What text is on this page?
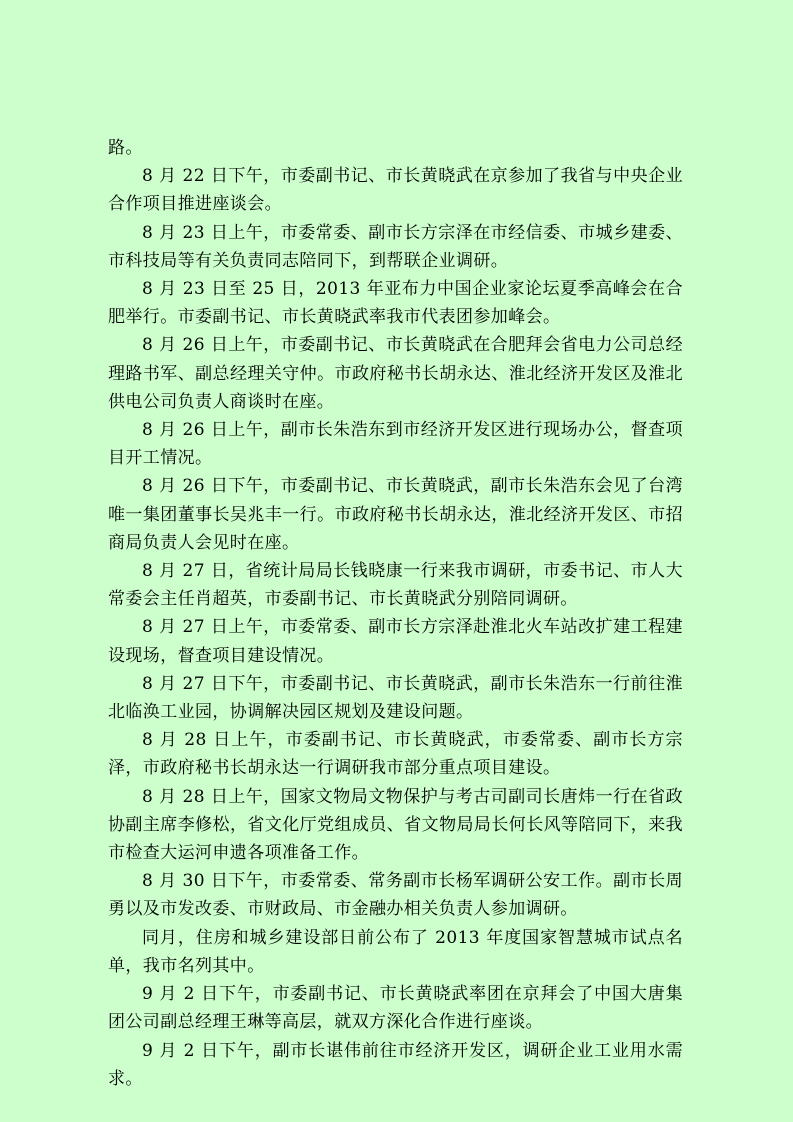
路。

8 月 22 日下午，市委副书记、市长黄晓武在京参加了我省与中央企业合作项目推进座谈会。

8 月 23 日上午，市委常委、副市长方宗泽在市经信委、市城乡建委、市科技局等有关负责同志陪同下，到帮联企业调研。

8 月 23 日至 25 日，2013 年亚布力中国企业家论坛夏季高峰会在合肥举行。市委副书记、市长黄晓武率我市代表团参加峰会。

8 月 26 日上午，市委副书记、市长黄晓武在合肥拜会省电力公司总经理路书军、副总经理关守仲。市政府秘书长胡永达、淮北经济开发区及淮北供电公司负责人商谈时在座。

8 月 26 日上午，副市长朱浩东到市经济开发区进行现场办公，督查项目开工情况。

8 月 26 日下午，市委副书记、市长黄晓武，副市长朱浩东会见了台湾唯一集团董事长吴兆丰一行。市政府秘书长胡永达，淮北经济开发区、市招商局负责人会见时在座。

8 月 27 日，省统计局局长钱晓康一行来我市调研，市委书记、市人大常委会主任肖超英，市委副书记、市长黄晓武分别陪同调研。

8 月 27 日上午，市委常委、副市长方宗泽赴淮北火车站改扩建工程建设现场，督查项目建设情况。

8 月 27 日下午，市委副书记、市长黄晓武，副市长朱浩东一行前往淮北临涣工业园，协调解决园区规划及建设问题。

8 月 28 日上午，市委副书记、市长黄晓武，市委常委、副市长方宗泽，市政府秘书长胡永达一行调研我市部分重点项目建设。

8 月 28 日上午，国家文物局文物保护与考古司副司长唐炜一行在省政协副主席李修松，省文化厅党组成员、省文物局局长何长风等陪同下，来我市检查大运河申遗各项准备工作。

8 月 30 日下午，市委常委、常务副市长杨军调研公安工作。副市长周勇以及市发改委、市财政局、市金融办相关负责人参加调研。

同月，住房和城乡建设部日前公布了 2013 年度国家智慧城市试点名单，我市名列其中。

9 月 2 日下午，市委副书记、市长黄晓武率团在京拜会了中国大唐集团公司副总经理王琳等高层，就双方深化合作进行座谈。

9 月 2 日下午，副市长谌伟前往市经济开发区，调研企业工业用水需求。
